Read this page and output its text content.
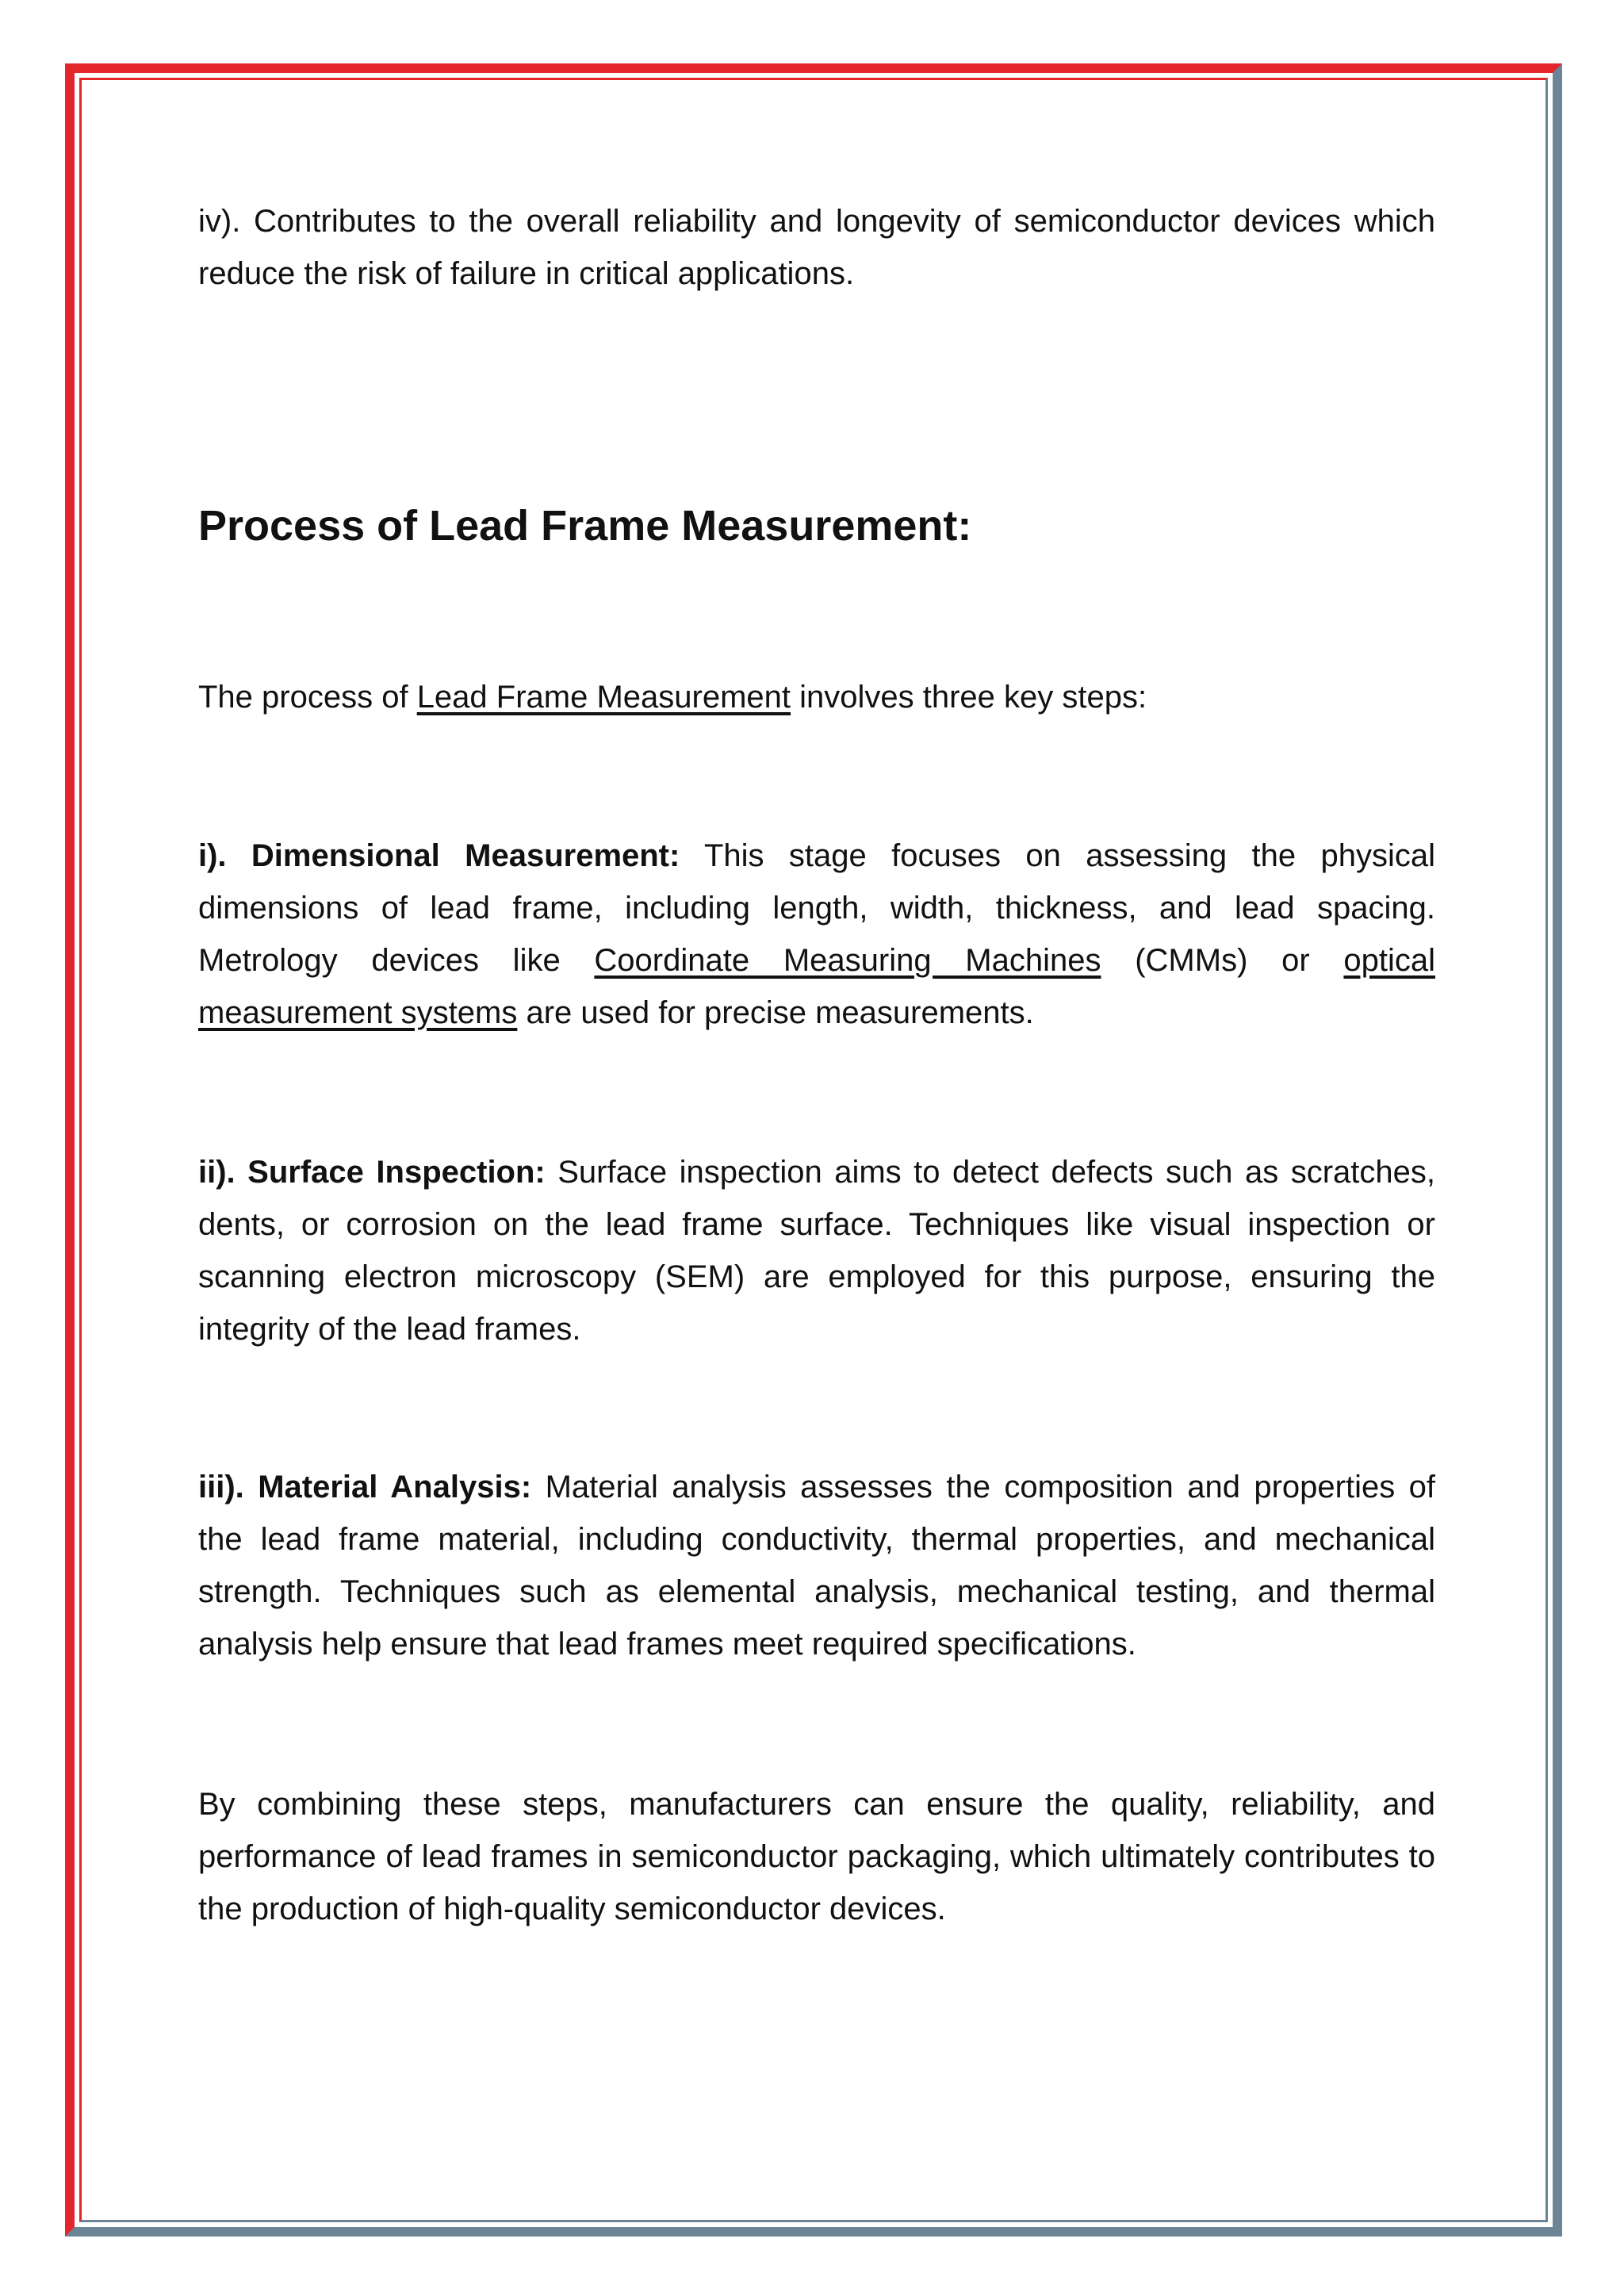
iv). Contributes to the overall reliability and longevity of semiconductor devices which reduce the risk of failure in critical applications.

Process of Lead Frame Measurement:

The process of Lead Frame Measurement involves three key steps:

i). Dimensional Measurement: This stage focuses on assessing the physical dimensions of lead frame, including length, width, thickness, and lead spacing. Metrology devices like Coordinate Measuring Machines (CMMs) or optical measurement systems are used for precise measurements.

ii). Surface Inspection: Surface inspection aims to detect defects such as scratches, dents, or corrosion on the lead frame surface. Techniques like visual inspection or scanning electron microscopy (SEM) are employed for this purpose, ensuring the integrity of the lead frames.

iii). Material Analysis: Material analysis assesses the composition and properties of the lead frame material, including conductivity, thermal properties, and mechanical strength. Techniques such as elemental analysis, mechanical testing, and thermal analysis help ensure that lead frames meet required specifications.

By combining these steps, manufacturers can ensure the quality, reliability, and performance of lead frames in semiconductor packaging, which ultimately contributes to the production of high-quality semiconductor devices.
